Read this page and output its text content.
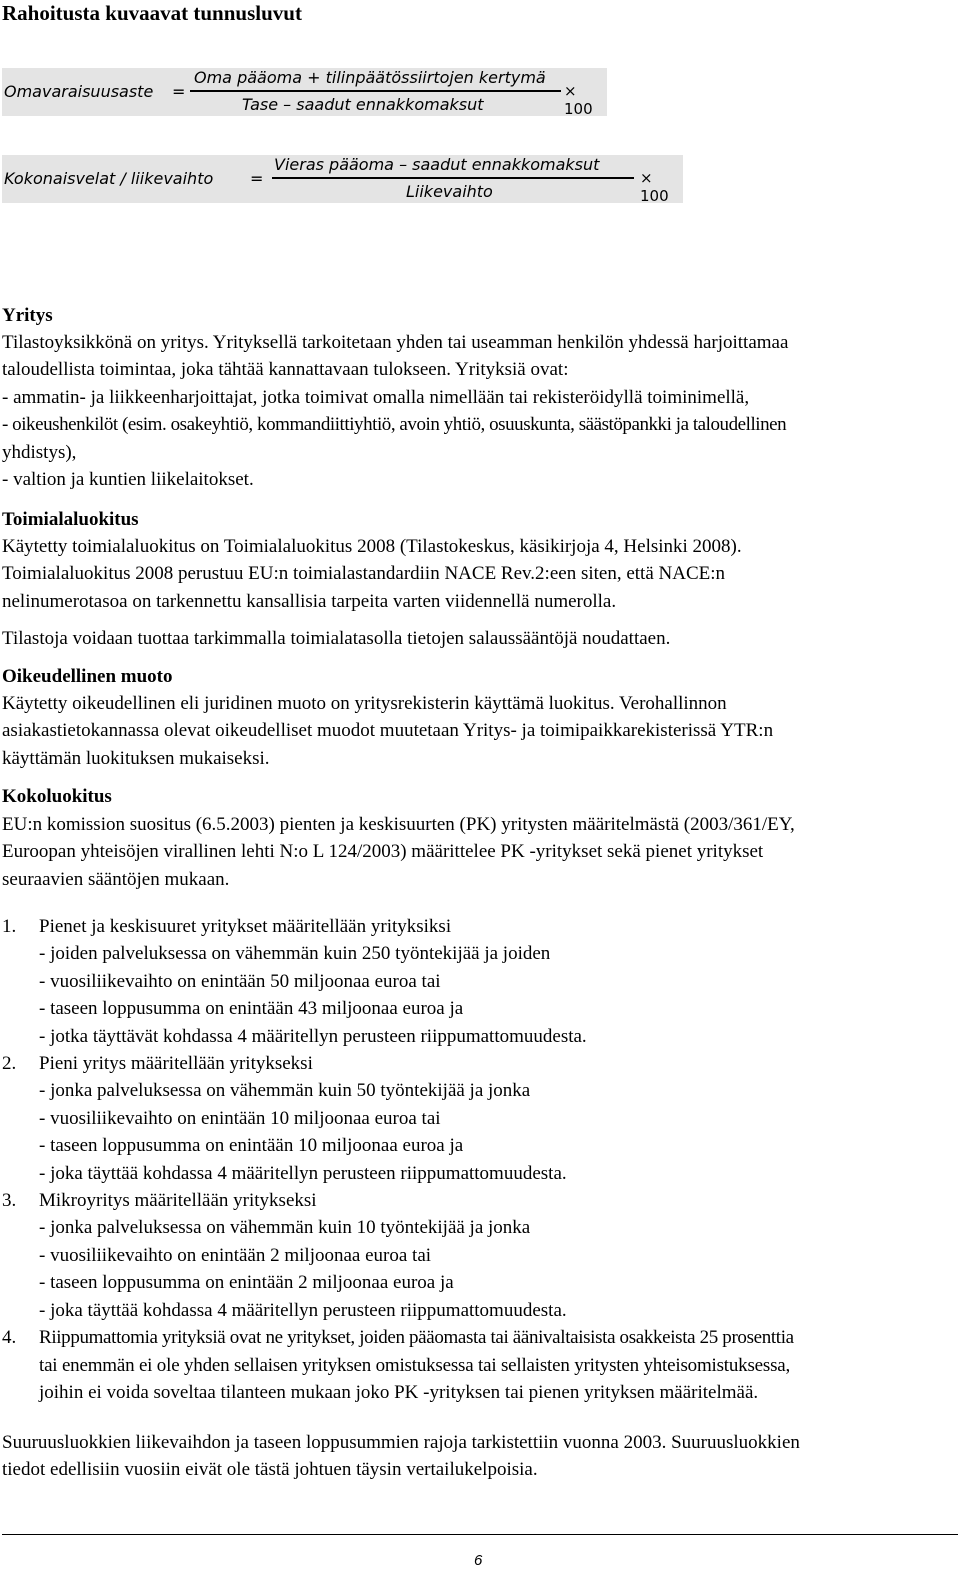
Rahoitusta kuvaavat tunnusluvut
Omavaraisuusaste =
Oma pääoma + tilinpäätössiirtojen kertymä
Tase – saadut ennakkomaksut
× 100
Kokonaisvelat / liikevaihto =
Vieras pääoma – saadut ennakkomaksut
Liikevaihto
× 100
Yritys

Tilastoyksikkönä on yritys. Yrityksellä tarkoitetaan yhden tai useamman henkilön yhdessä harjoittamaa
taloudellista toimintaa, joka tähtää kannattavaan tulokseen. Yrityksiä ovat:
- ammatin- ja liikkeenharjoittajat, jotka toimivat omalla nimellään tai rekisteröidyllä toiminimellä,
- oikeushenkilöt (esim. osakeyhtiö, kommandiittiyhtiö, avoin yhtiö, osuuskunta, säästöpankki ja taloudellinen
yhdistys),
- valtion ja kuntien liikelaitokset.

Toimialaluokitus

Käytetty toimialaluokitus on Toimialaluokitus 2008 (Tilastokeskus, käsikirjoja 4, Helsinki 2008).
Toimialaluokitus 2008 perustuu EU:n toimialastandardiin NACE Rev.2:een siten, että NACE:n
nelinumerotasoa on tarkennettu kansallisia tarpeita varten viidennellä numerolla.

Tilastoja voidaan tuottaa tarkimmalla toimialatasolla tietojen salaussääntöjä noudattaen.

Oikeudellinen muoto

Käytetty oikeudellinen eli juridinen muoto on yritysrekisterin käyttämä luokitus. Verohallinnon
asiakastietokannassa olevat oikeudelliset muodot muutetaan Yritys- ja toimipaikkarekisterissä YTR:n
käyttämän luokituksen mukaiseksi.

Kokoluokitus

EU:n komission suositus (6.5.2003) pienten ja keskisuurten (PK) yritysten määritelmästä (2003/361/EY,
Euroopan yhteisöjen virallinen lehti N:o L 124/2003) määrittelee PK -yritykset sekä pienet yritykset
seuraavien sääntöjen mukaan.

1. Pienet ja keskisuuret yritykset määritellään yrityksiksi
- joiden palveluksessa on vähemmän kuin 250 työntekijää ja joiden
- vuosiliikevaihto on enintään 50 miljoonaa euroa tai
- taseen loppusumma on enintään 43 miljoonaa euroa ja
- jotka täyttävät kohdassa 4 määritellyn perusteen riippumattomuudesta.
2. Pieni yritys määritellään yritykseksi
- jonka palveluksessa on vähemmän kuin 50 työntekijää ja jonka
- vuosiliikevaihto on enintään 10 miljoonaa euroa tai
- taseen loppusumma on enintään 10 miljoonaa euroa ja
- joka täyttää kohdassa 4 määritellyn perusteen riippumattomuudesta.
3. Mikroyritys määritellään yritykseksi
- jonka palveluksessa on vähemmän kuin 10 työntekijää ja jonka
- vuosiliikevaihto on enintään 2 miljoonaa euroa tai
- taseen loppusumma on enintään 2 miljoonaa euroa ja
- joka täyttää kohdassa 4 määritellyn perusteen riippumattomuudesta.
4. Riippumattomia yrityksiä ovat ne yritykset, joiden pääomasta tai äänivaltaisista osakkeista 25 prosenttia
tai enemmän ei ole yhden sellaisen yrityksen omistuksessa tai sellaisten yritysten yhteisomistuksessa,
joihin ei voida soveltaa tilanteen mukaan joko PK -yrityksen tai pienen yrityksen määritelmää.

Suuruusluokkien liikevaihdon ja taseen loppusummien rajoja tarkistettiin vuonna 2003. Suuruusluokkien
tiedot edellisiin vuosiin eivät ole tästä johtuen täysin vertailukelpoisia.

6
